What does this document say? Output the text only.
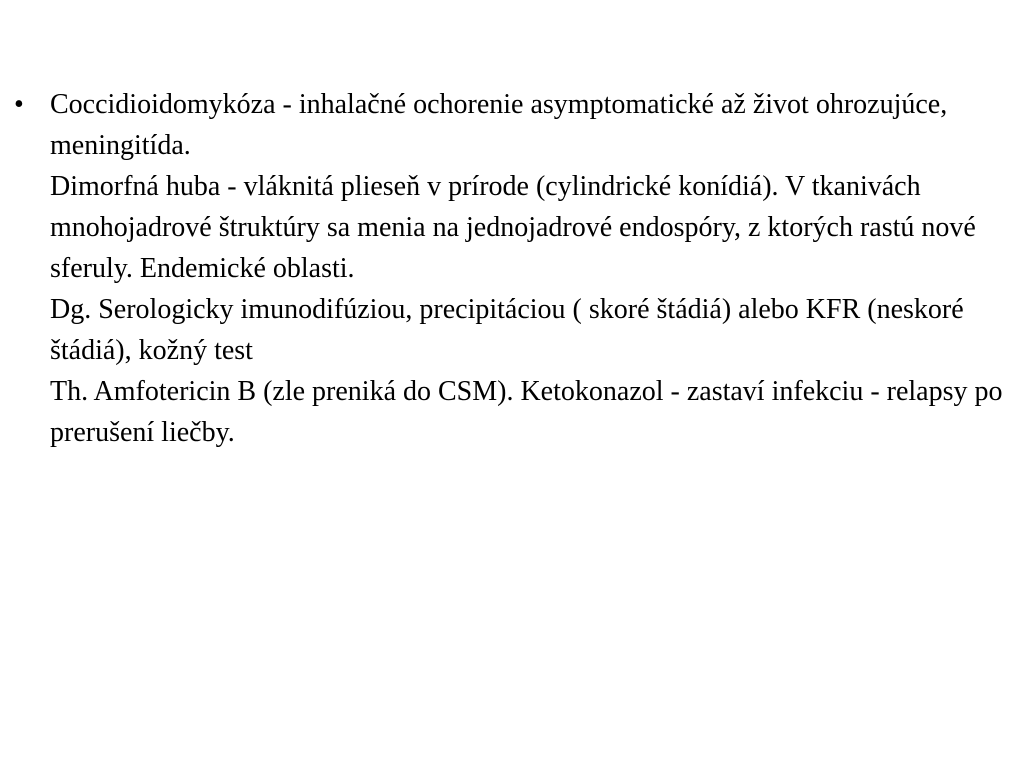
• Coccidioidomykóza - inhalačné ochorenie asymptomatické až život ohrozujúce, meningitída.
Dimorfná huba - vláknitá plieseň v prírode (cylindrické konídiá). V tkanivách mnohojadrové štruktúry sa menia na jednojadrové endospóry, z ktorých rastú nové sferuly. Endemické oblasti.
Dg. Serologicky imunodifúziou, precipitáciou ( skoré štádiá) alebo KFR (neskoré štádiá), kožný test
Th. Amfotericin B (zle preniká do CSM). Ketokonazol - zastaví infekciu - relapsy po prerušení liečby.
